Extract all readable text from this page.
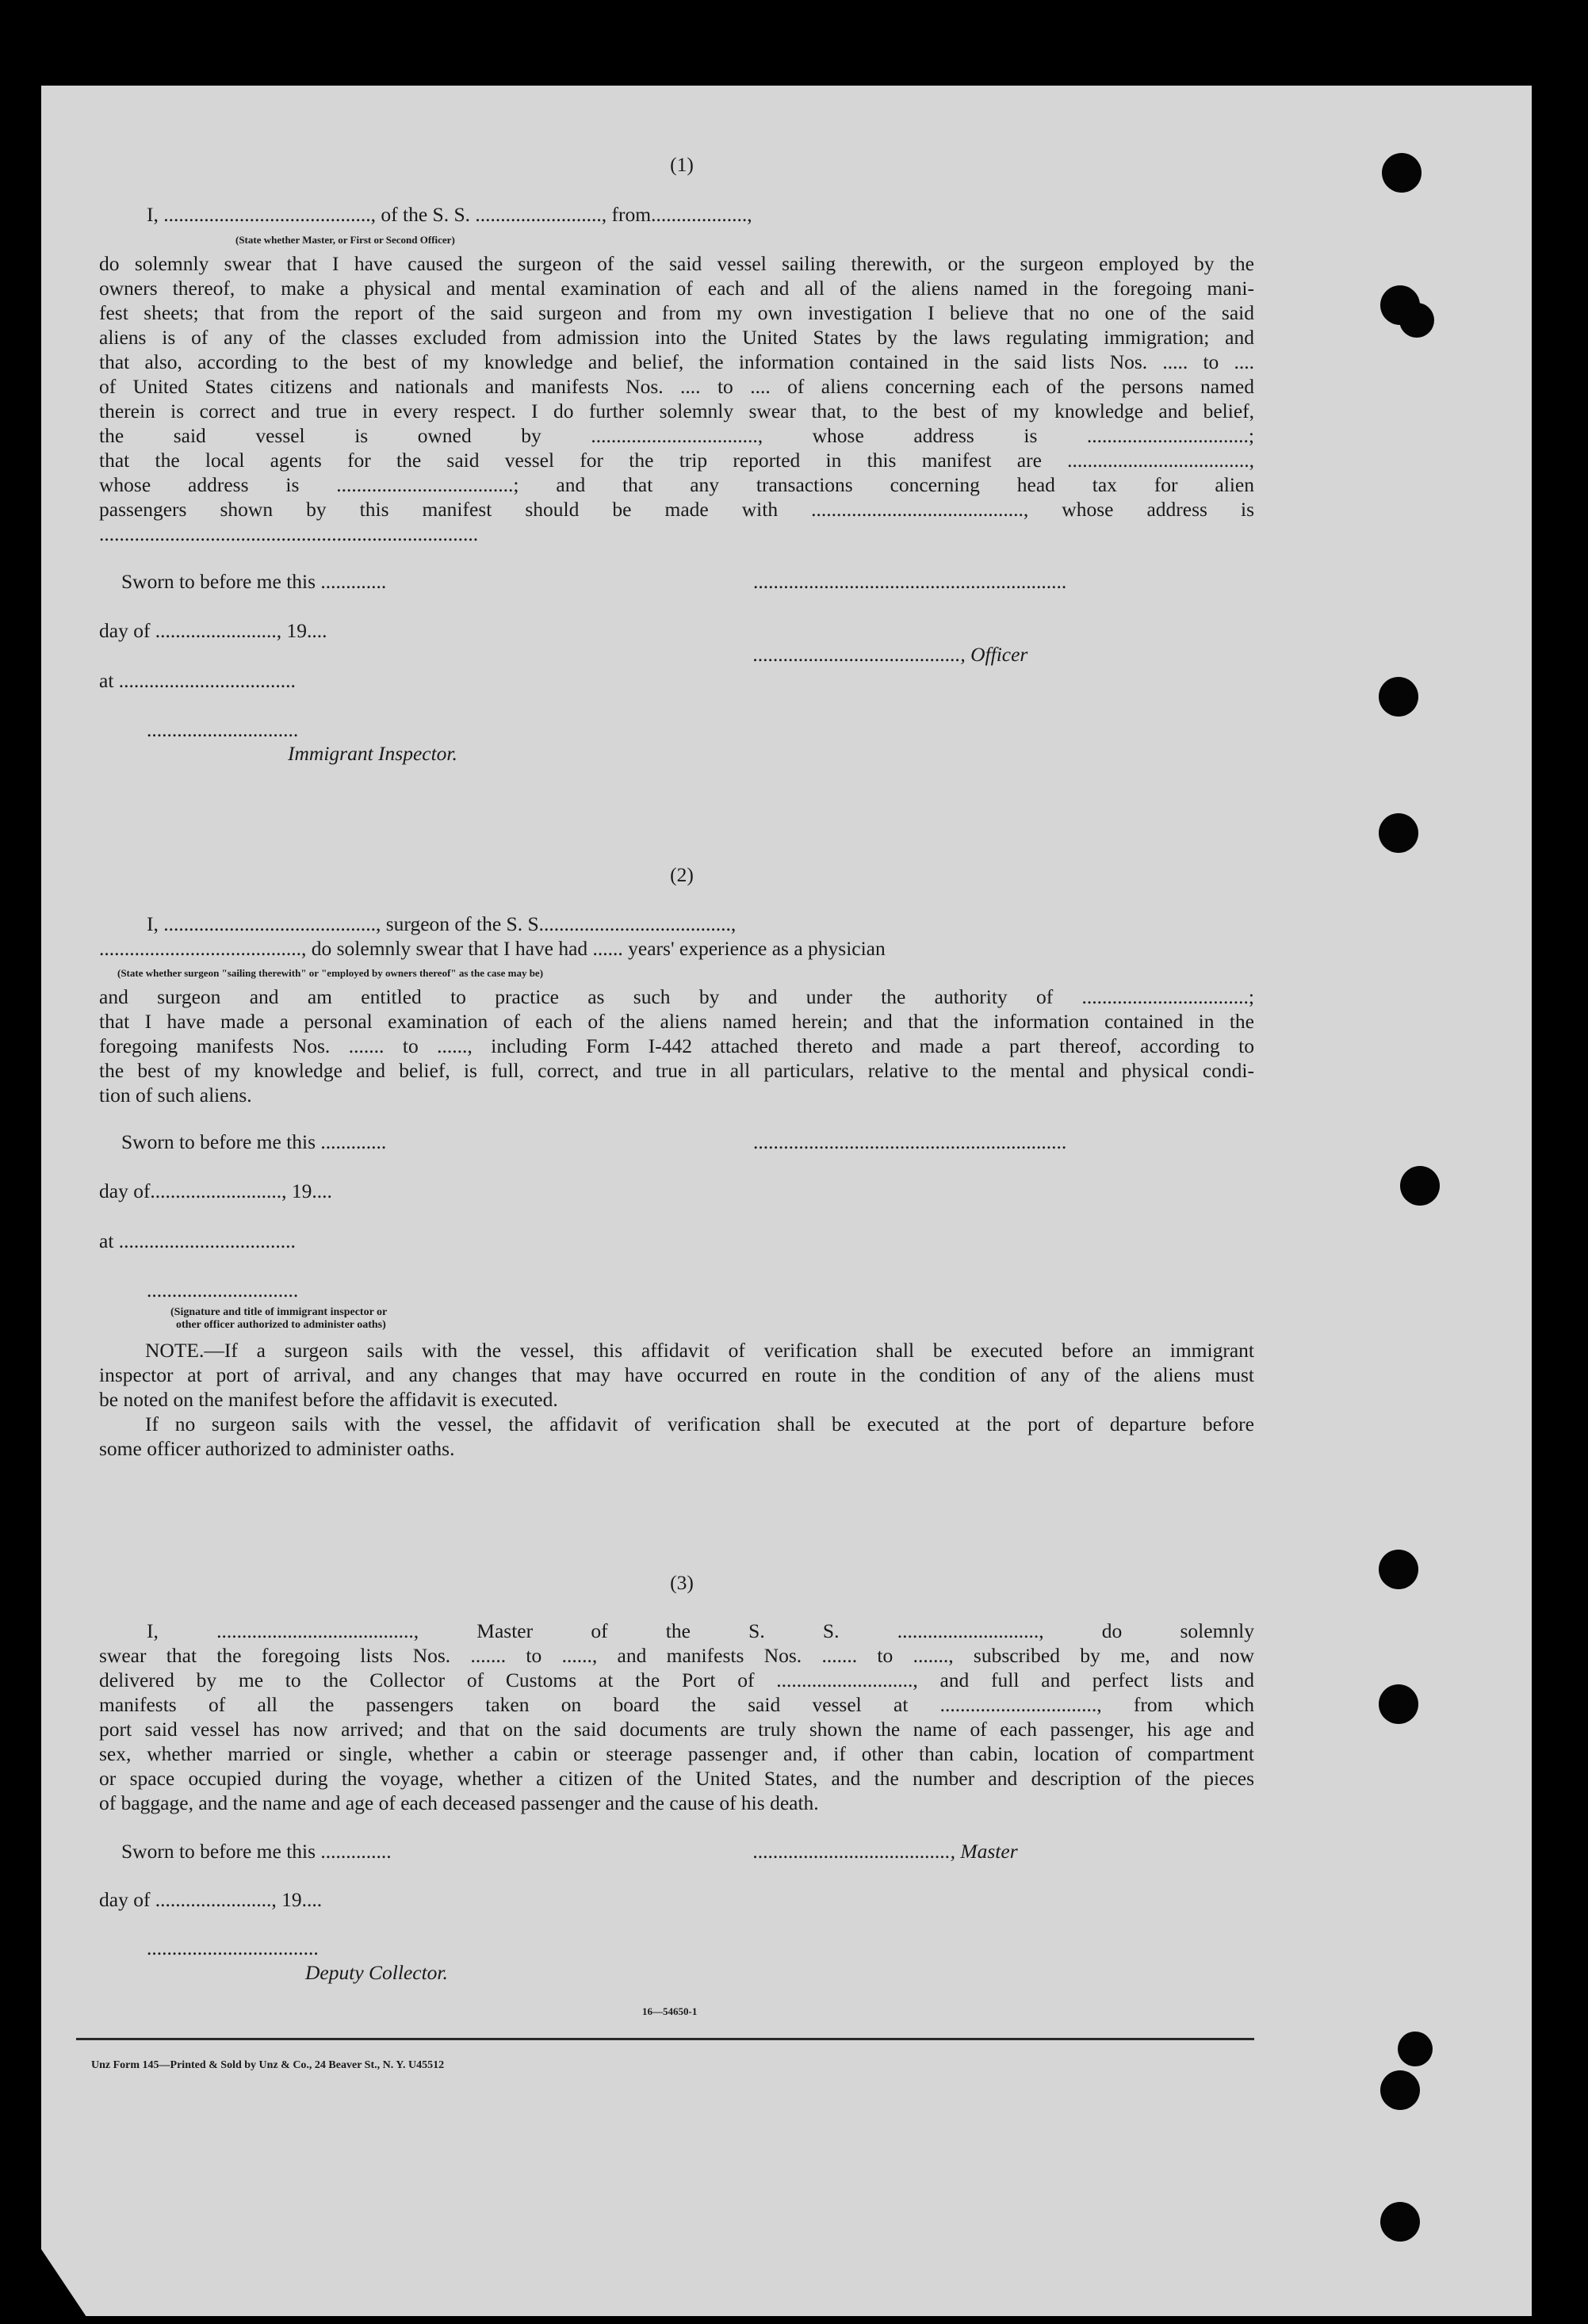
(1)
I, ........................................., of the S. S. ........................., from...................,
(State whether Master, or First or Second Officer)
do solemnly swear that I have caused the surgeon of the said vessel sailing therewith, or the surgeon employed by the
owners thereof, to make a physical and mental examination of each and all of the aliens named in the foregoing mani-
fest sheets; that from the report of the said surgeon and from my own investigation I believe that no one of the said
aliens is of any of the classes excluded from admission into the United States by the laws regulating immigration; and
that also, according to the best of my knowledge and belief, the information contained in the said lists Nos. ..... to ....
of United States citizens and nationals and manifests Nos. .... to .... of aliens concerning each of the persons named
therein is correct and true in every respect. I do further solemnly swear that, to the best of my knowledge and belief,
the said vessel is owned by ................................., whose address is ................................;
that the local agents for the said vessel for the trip reported in this manifest are ....................................,
whose address is ...................................; and that any transactions concerning head tax for alien
passengers shown by this manifest should be made with .........................................., whose address is
...........................................................................
Sworn to before me this .............	..............................................................
day of ........................, 19....
........................................., Officer
at ...................................
..............................
Immigrant Inspector.
(2)
I, .........................................., surgeon of the S. S......................................,
........................................, do solemnly swear that I have had ...... years' experience as a physician
(State whether surgeon "sailing therewith" or "employed by owners thereof" as the case may be)
and surgeon and am entitled to practice as such by and under the authority of .................................;
that I have made a personal examination of each of the aliens named herein; and that the information contained in the
foregoing manifests Nos. ....... to ......, including Form I-442 attached thereto and made a part thereof, according to
the best of my knowledge and belief, is full, correct, and true in all particulars, relative to the mental and physical condi-
tion of such aliens.
Sworn to before me this .............	..............................................................
day of.........................., 19....
at ...................................
..............................
(Signature and title of immigrant inspector or
other officer authorized to administer oaths)
NOTE.—If a surgeon sails with the vessel, this affidavit of verification shall be executed before an immigrant
inspector at port of arrival, and any changes that may have occurred en route in the condition of any of the aliens must
be noted on the manifest before the affidavit is executed.
If no surgeon sails with the vessel, the affidavit of verification shall be executed at the port of departure before
some officer authorized to administer oaths.
(3)
I, ......................................., Master of the S. S. ............................, do solemnly
swear that the foregoing lists Nos. ....... to ......, and manifests Nos. ....... to ......., subscribed by me, and now
delivered by me to the Collector of Customs at the Port of ..........................., and full and perfect lists and
manifests of all the passengers taken on board the said vessel at ..............................., from which
port said vessel has now arrived; and that on the said documents are truly shown the name of each passenger, his age and
sex, whether married or single, whether a cabin or steerage passenger and, if other than cabin, location of compartment
or space occupied during the voyage, whether a citizen of the United States, and the number and description of the pieces
of baggage, and the name and age of each deceased passenger and the cause of his death.
Sworn to before me this ..............	......................................., Master
day of ......................., 19....
..................................
Deputy Collector.
16—54650-1
Unz Form 145—Printed & Sold by Unz & Co., 24 Beaver St., N. Y. U45512
